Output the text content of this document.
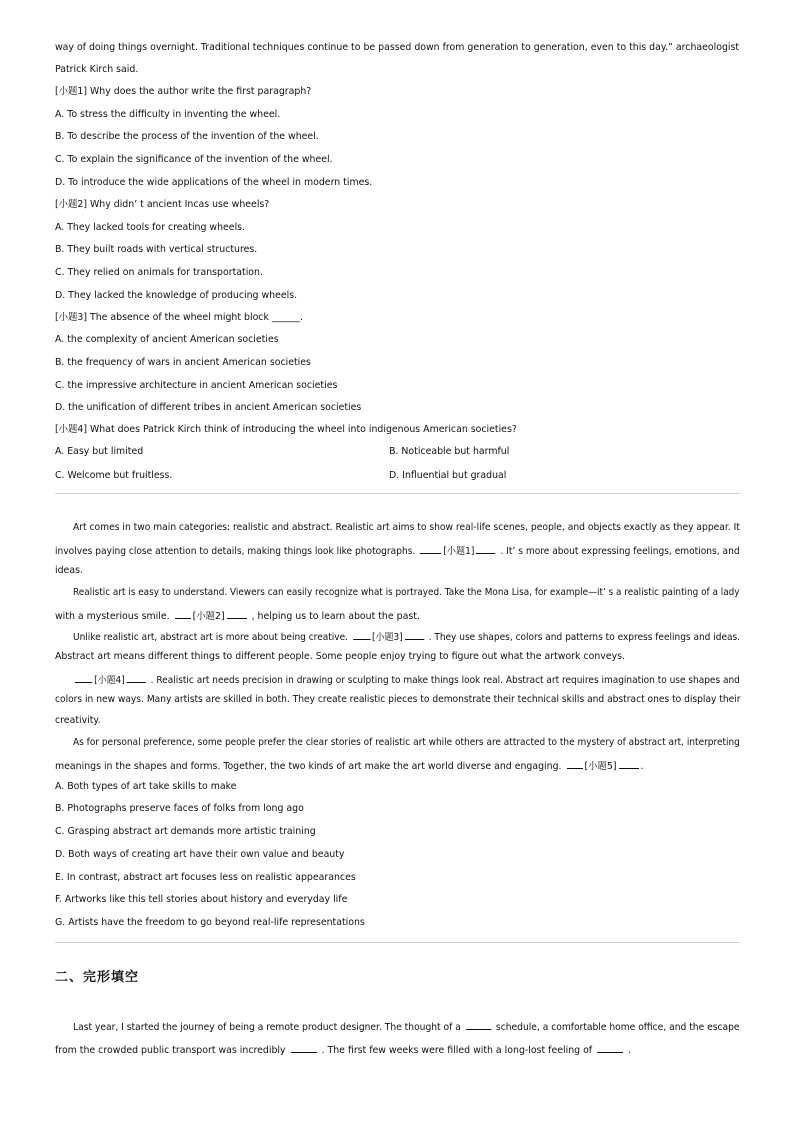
way of doing things overnight. Traditional techniques continue to be passed down from generation to generation, even to this day.” archaeologist
Patrick Kirch said.
[小题1] Why does the author write the first paragraph?
A. To stress the difficulty in inventing the wheel.
B. To describe the process of the invention of the wheel.
C. To explain the significance of the invention of the wheel.
D. To introduce the wide applications of the wheel in modern times.
[小题2] Why didn’ t ancient Incas use wheels?
A. They lacked tools for creating wheels.
B. They built roads with vertical structures.
C. They relied on animals for transportation.
D. They lacked the knowledge of producing wheels.
[小题3] The absence of the wheel might block ______.
A. the complexity of ancient American societies
B. the frequency of wars in ancient American societies
C. the impressive architecture in ancient American societies
D. the unification of different tribes in ancient American societies
[小题4] What does Patrick Kirch think of introducing the wheel into indigenous American societies?
A. Easy but limited	B. Noticeable but harmful
C. Welcome but fruitless.	D. Influential but gradual
Art comes in two main categories: realistic and abstract. Realistic art aims to show real-life scenes, people, and objects exactly as they appear. It
involves paying close attention to details, making things look like photographs.	[小题1]	. It’ s more about expressing feelings, emotions, and
ideas.
Realistic art is easy to understand. Viewers can easily recognize what is portrayed. Take the Mona Lisa, for example—it’ s a realistic painting of a lady
with a mysterious smile. [小题2]	, helping us to learn about the past.
Unlike realistic art, abstract art is more about being creative.	[小题3]	. They use shapes, colors and patterns to express feelings and ideas.
Abstract art means different things to different people. Some people enjoy trying to figure out what the artwork conveys.
[小题4]	. Realistic art needs precision in drawing or sculpting to make things look real. Abstract art requires imagination to use shapes and
colors in new ways. Many artists are skilled in both. They create realistic pieces to demonstrate their technical skills and abstract ones to display their
creativity.
As for personal preference, some people prefer the clear stories of realistic art while others are attracted to the mystery of abstract art, interpreting
meanings in the shapes and forms. Together, the two kinds of art make the art world diverse and engaging. [小题5]	.
A. Both types of art take skills to make
B. Photographs preserve faces of folks from long ago
C. Grasping abstract art demands more artistic training
D. Both ways of creating art have their own value and beauty
E. In contrast, abstract art focuses less on realistic appearances
F. Artworks like this tell stories about history and everyday life
G. Artists have the freedom to go beyond real-life representations
二、完形填空
Last year, I started the journey of being a remote product designer. The thought of a	schedule, a comfortable home office, and the escape
from the crowded public transport was incredibly	. The first few weeks were filled with a long-lost feeling of	.
